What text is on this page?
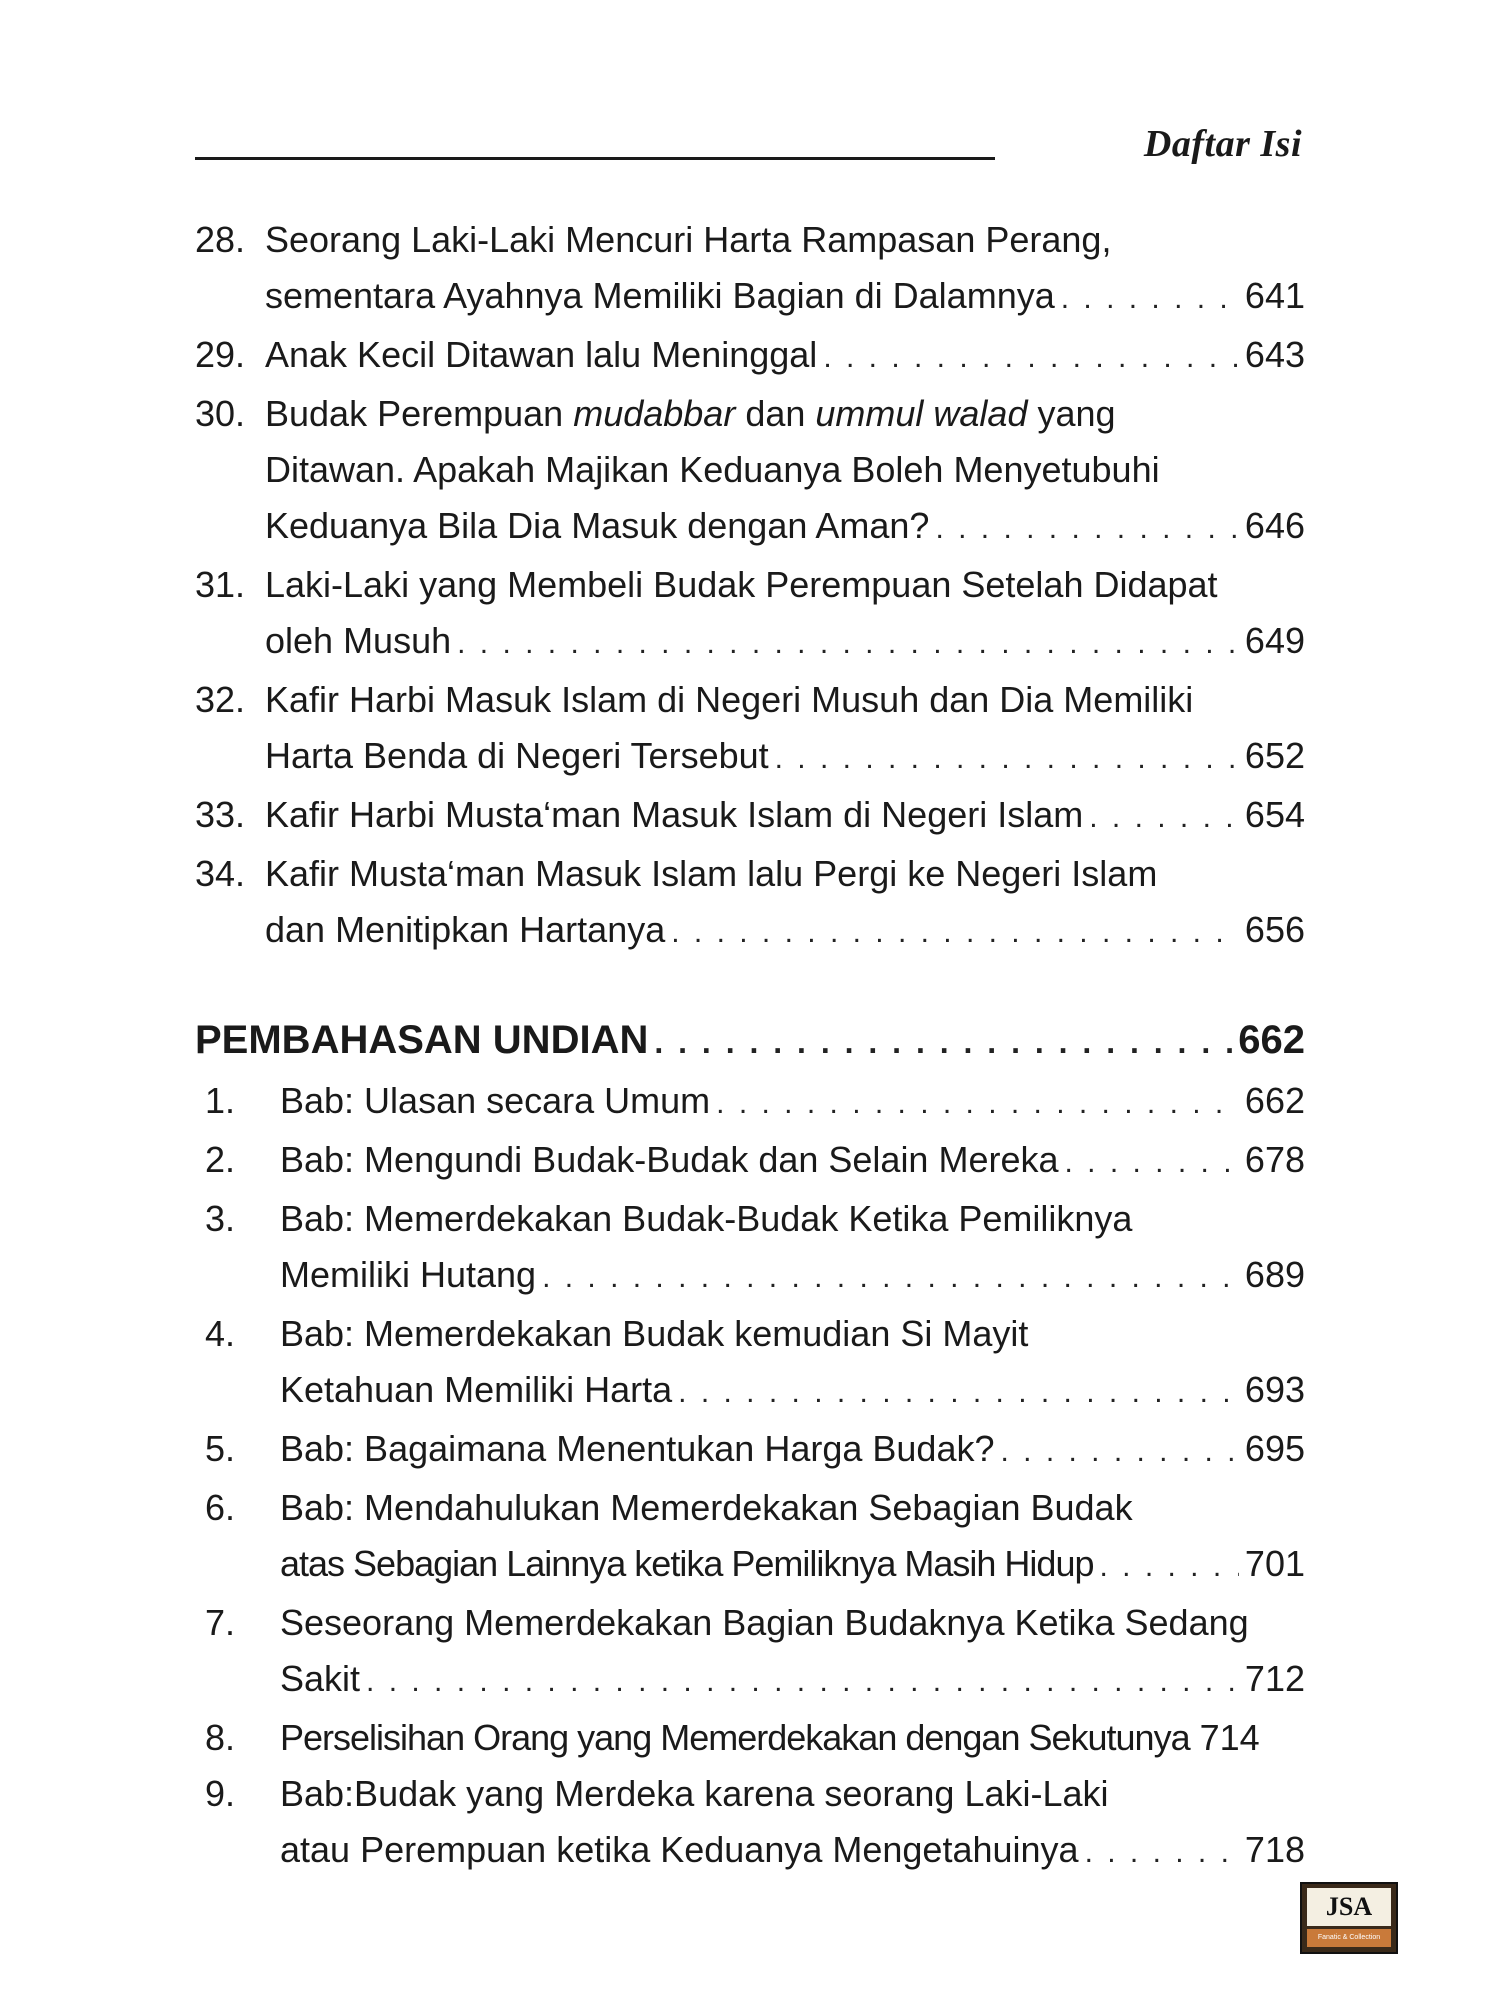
Daftar Isi
28. Seorang Laki-Laki Mencuri Harta Rampasan Perang,
sementara Ayahnya Memiliki Bagian di Dalamnya . . .	641
29. Anak Kecil Ditawan lalu Meninggal . . .	643
30. Budak Perempuan mudabbar dan ummul walad yang
Ditawan. Apakah Majikan Keduanya Boleh Menyetubuhi
Keduanya Bila Dia Masuk dengan Aman? . . .	646
31. Laki-Laki yang Membeli Budak Perempuan Setelah Didapat
oleh Musuh . . .	649
32. Kafir Harbi Masuk Islam di Negeri Musuh dan Dia Memiliki
Harta Benda di Negeri Tersebut . . .	652
33. Kafir Harbi Musta‘man Masuk Islam di Negeri Islam . . .	654
34. Kafir Musta‘man Masuk Islam lalu Pergi ke Negeri Islam
dan Menitipkan Hartanya . . .	656
PEMBAHASAN UNDIAN . . .	662
1. Bab: Ulasan secara Umum . . .	662
2. Bab: Mengundi Budak-Budak dan Selain Mereka . . .	678
3. Bab: Memerdekakan Budak-Budak Ketika Pemiliknya
Memiliki Hutang . . .	689
4. Bab: Memerdekakan Budak kemudian Si Mayit
Ketahuan Memiliki Harta . . .	693
5. Bab: Bagaimana Menentukan Harga Budak? . . .	695
6. Bab: Mendahulukan Memerdekakan Sebagian Budak
atas Sebagian Lainnya ketika Pemiliknya Masih Hidup . . .	701
7. Seseorang Memerdekakan Bagian Budaknya Ketika Sedang
Sakit . . .	712
8. Perselisihan Orang yang Memerdekakan dengan Sekutunya 714
9. Bab:Budak yang Merdeka karena seorang Laki-Laki
atau Perempuan ketika Keduanya Mengetahuinya . . .	718
JSA
Fanatic & Collection
